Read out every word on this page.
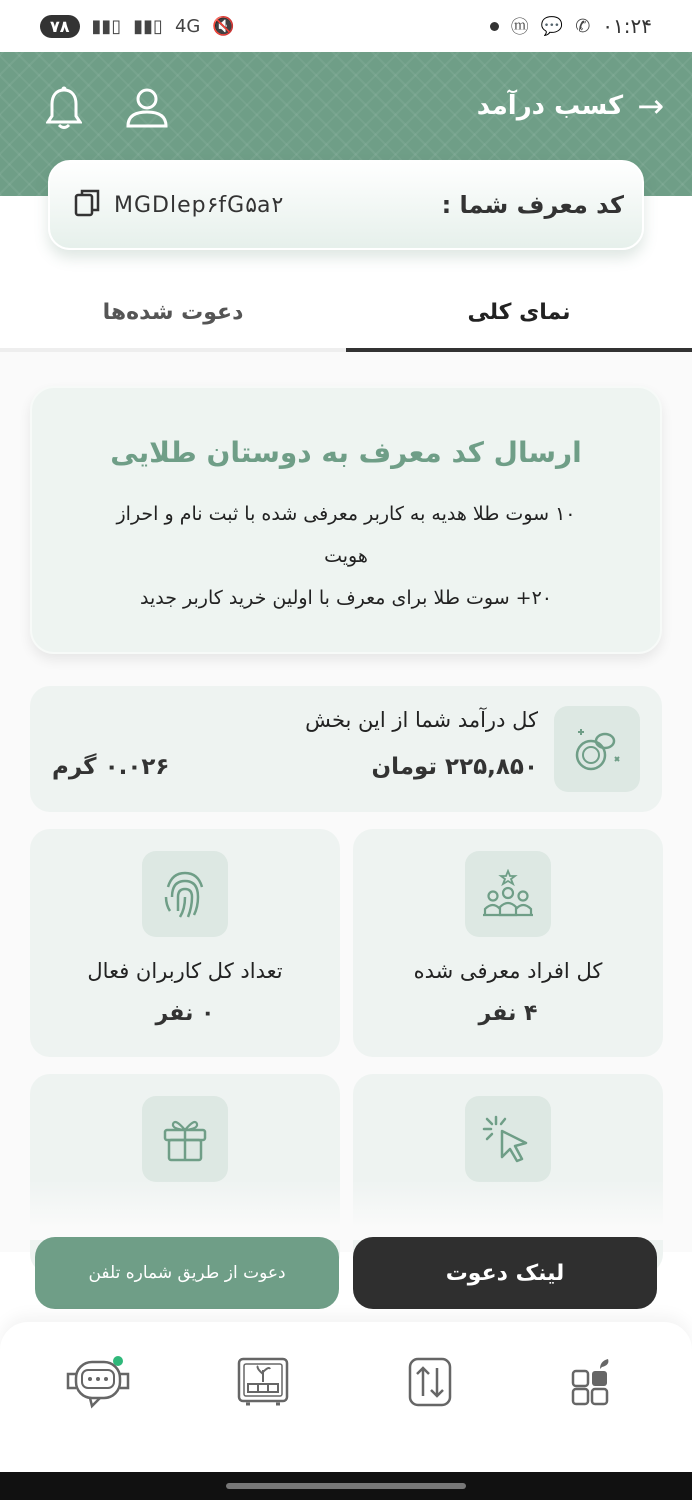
۷۸	▮▮▯ ▮▮▯ 4G 🔇	ⓜ 💬 ✆ ۰۱:۲۴
→
کسب درآمد
کد معرف شما :
MGDlep۶fG۵a۲
نمای کلی
دعوت شده‌ها
ارسال کد معرف به دوستان طلایی
۱۰ سوت طلا هدیه به کاربر معرفی شده با ثبت نام و احراز هویت
۲۰+ سوت طلا برای معرف با اولین خرید کاربر جدید
کل درآمد شما از این بخش
۲۲۵,۸۵۰ تومان
۰.۰۲۶ گرم
کل افراد معرفی شده
۴ نفر
تعداد کل کاربران فعال
۰ نفر
لینک دعوت
دعوت از طریق شماره تلفن
